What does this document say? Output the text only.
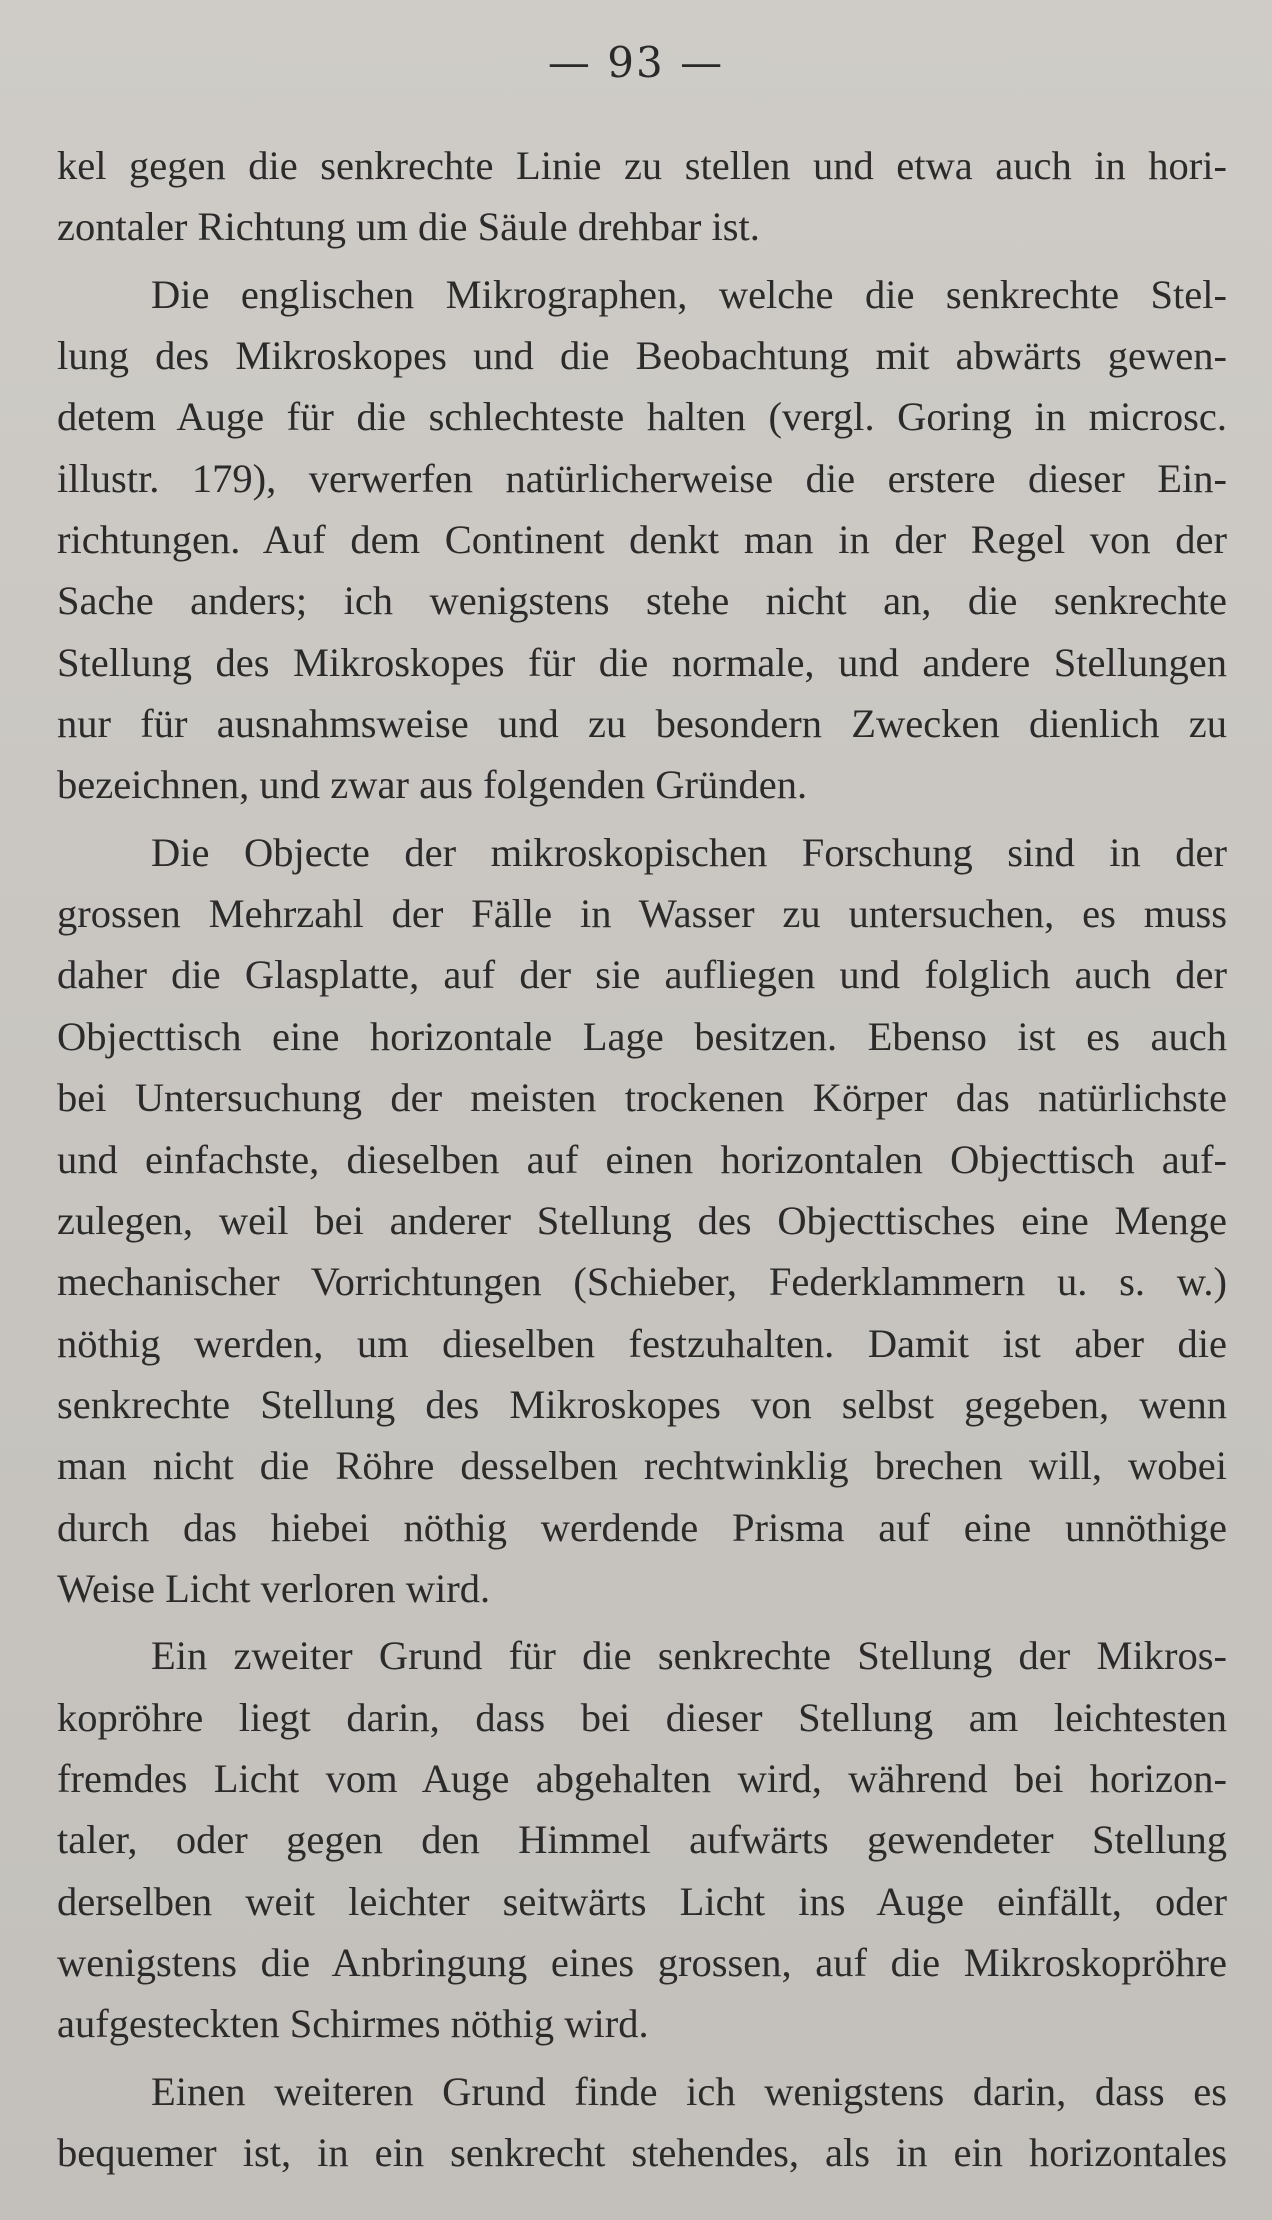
— 93 —
kel gegen die senkrechte Linie zu stellen und etwa auch in hori-
zontaler Richtung um die Säule drehbar ist.
Die englischen Mikrographen, welche die senkrechte Stel-
lung des Mikroskopes und die Beobachtung mit abwärts gewen-
detem Auge für die schlechteste halten (vergl. Goring in microsc.
illustr. 179), verwerfen natürlicherweise die erstere dieser Ein-
richtungen. Auf dem Continent denkt man in der Regel von der
Sache anders; ich wenigstens stehe nicht an, die senkrechte
Stellung des Mikroskopes für die normale, und andere Stellungen
nur für ausnahmsweise und zu besondern Zwecken dienlich zu
bezeichnen, und zwar aus folgenden Gründen.
Die Objecte der mikroskopischen Forschung sind in der
grossen Mehrzahl der Fälle in Wasser zu untersuchen, es muss
daher die Glasplatte, auf der sie aufliegen und folglich auch der
Objecttisch eine horizontale Lage besitzen. Ebenso ist es auch
bei Untersuchung der meisten trockenen Körper das natürlichste
und einfachste, dieselben auf einen horizontalen Objecttisch auf-
zulegen, weil bei anderer Stellung des Objecttisches eine Menge
mechanischer Vorrichtungen (Schieber, Federklammern u. s. w.)
nöthig werden, um dieselben festzuhalten. Damit ist aber die
senkrechte Stellung des Mikroskopes von selbst gegeben, wenn
man nicht die Röhre desselben rechtwinklig brechen will, wobei
durch das hiebei nöthig werdende Prisma auf eine unnöthige
Weise Licht verloren wird.
Ein zweiter Grund für die senkrechte Stellung der Mikros-
kopröhre liegt darin, dass bei dieser Stellung am leichtesten
fremdes Licht vom Auge abgehalten wird, während bei horizon-
taler, oder gegen den Himmel aufwärts gewendeter Stellung
derselben weit leichter seitwärts Licht ins Auge einfällt, oder
wenigstens die Anbringung eines grossen, auf die Mikroskopröhre
aufgesteckten Schirmes nöthig wird.
Einen weiteren Grund finde ich wenigstens darin, dass es
bequemer ist, in ein senkrecht stehendes, als in ein horizontales
